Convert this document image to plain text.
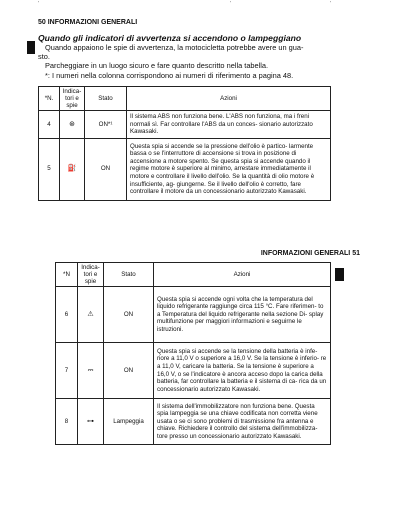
'	'	'
50 INFORMAZIONI GENERALI
Quando gli indicatori di avvertenza si accendono o lampeggiano

Quando appaiono le spie di avvertenza, la motocicletta potrebbe avere un gua-

sto.

Parcheggiare in un luogo sicuro e fare quanto descritto nella tabella.

*: I numeri nella colonna corrispondono ai numeri di riferimento a pagina 48.

*N.	Indica-
tori e
spie	Stato	Azioni
4	⊛	ON*¹	Il sistema ABS non funziona bene. L'ABS non funziona, ma i freni normali sì. Far controllare l'ABS da un conces- sionario autorizzato Kawasaki.
5	⛽	ON	Questa spia si accende se la pressione dell'olio è partico- larmente bassa o se l'interruttore di accensione si trova in posizione di accensione a motore spento. Se questa spia si accende quando il regime motore è superiore al minimo, arrestare immediatamente il motore e controllare il livello dell'olio. Se la quantità di olio motore è insufficiente, ag- giungerne. Se il livello dell'olio è corretto, fare controllare il motore da un concessionario autorizzato Kawasaki.
INFORMAZIONI GENERALI 51
*N	Indica-
tori e
spie	Stato	Azioni
6	⚠	ON	Questa spia si accende ogni volta che la temperatura del liquido refrigerante raggiunge circa 115 °C. Fare riferimen- to a Temperatura del liquido refrigerante nella sezione Di- splay multifunzione per maggiori informazioni e seguirne le istruzioni.
7	⎓	ON	Questa spia si accende se la tensione della batteria è infe- riore a 11,0 V o superiore a 16,0 V. Se la tensione è inferio- re a 11,0 V, caricare la batteria. Se la tensione è superiore a 16,0 V, o se l'indicatore è ancora acceso dopo la carica della batteria, far controllare la batteria e il sistema di ca- rica da un concessionario autorizzato Kawasaki.
8	⊶	Lampeggia	Il sistema dell'immobilizzatore non funziona bene. Questa spia lampeggia se una chiave codificata non corretta viene usata o se ci sono problemi di trasmissione fra antenna e chiave. Richiedere il controllo del sistema dell'immobilizza- tore presso un concessionario autorizzato Kawasaki.
